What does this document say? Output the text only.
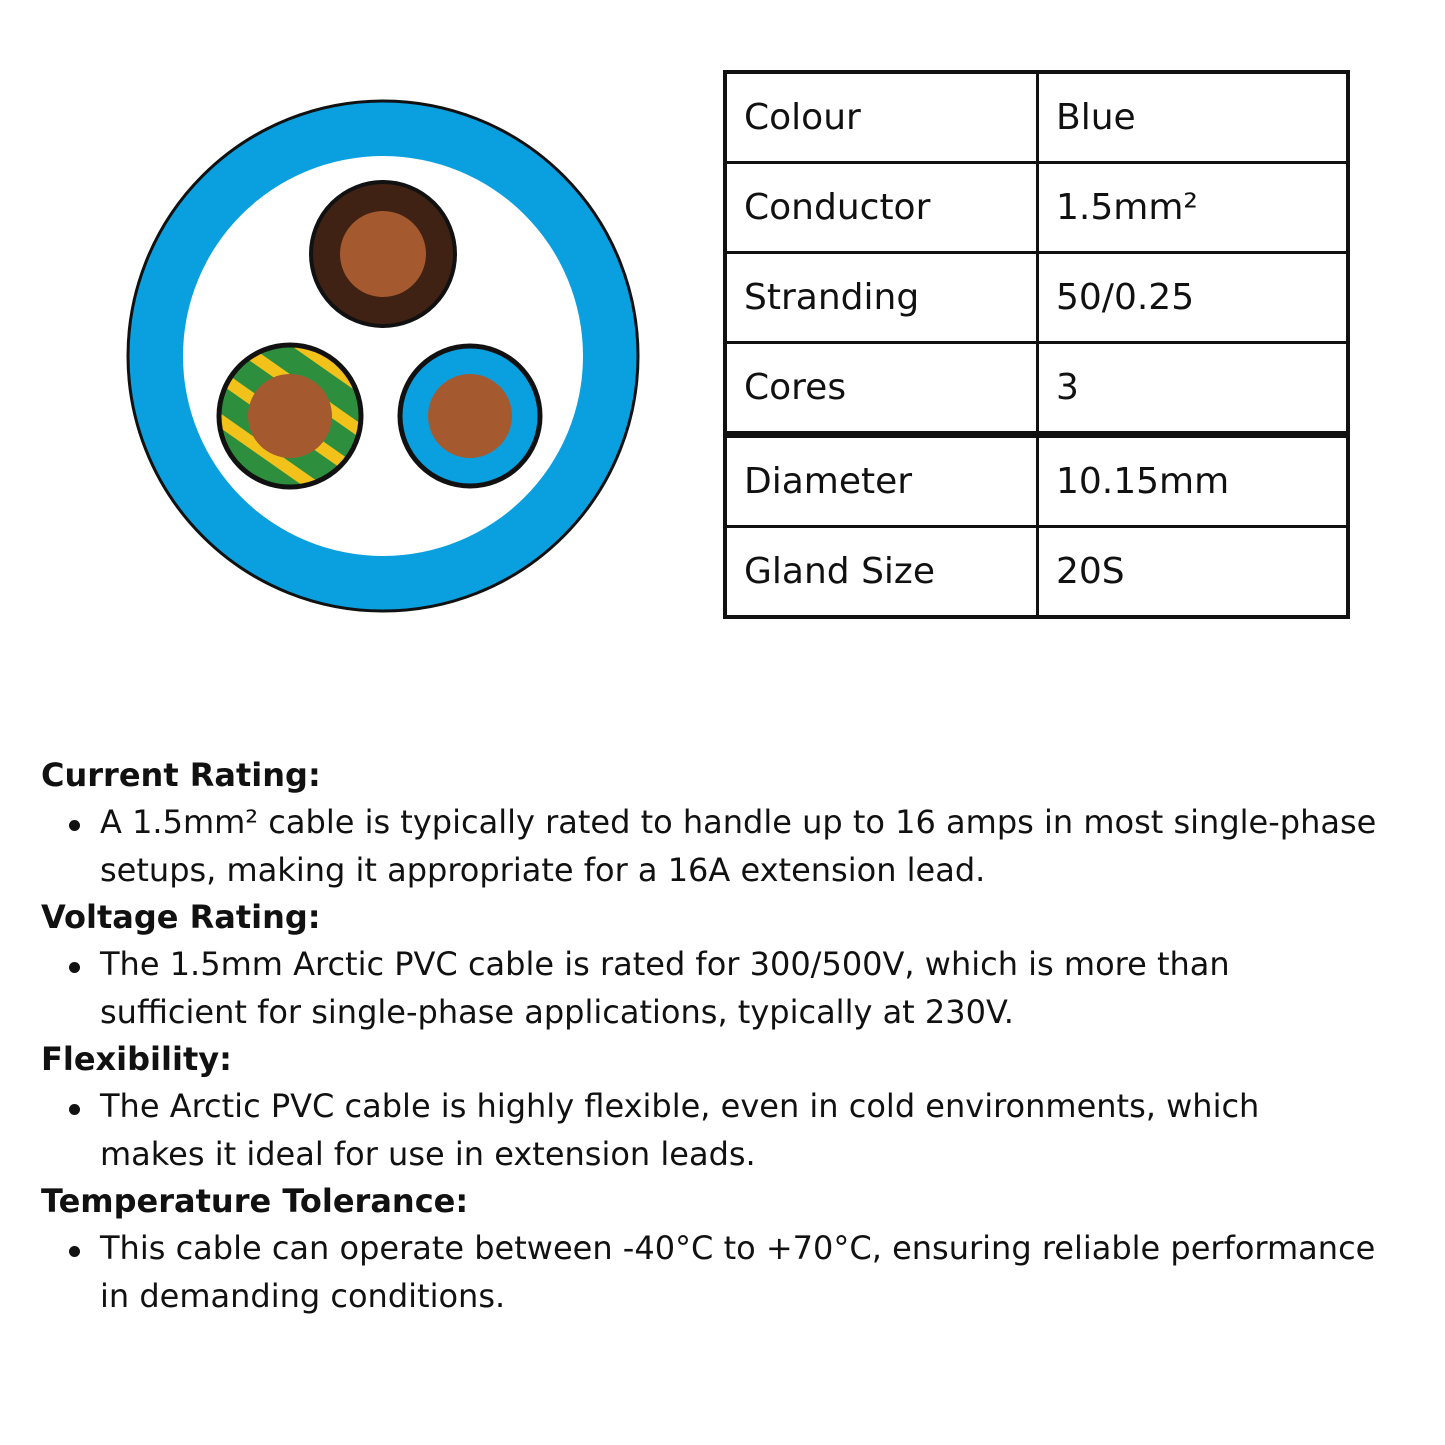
Colour	Blue
Conductor	1.5mm²
Stranding	50/0.25
Cores	3
Diameter	10.15mm
Gland Size	20S

Current Rating:

A 1.5mm² cable is typically rated to handle up to 16 amps in most single-phase
setups, making it appropriate for a 16A extension lead.

Voltage Rating:

The 1.5mm Arctic PVC cable is rated for 300/500V, which is more than
sufficient for single-phase applications, typically at 230V.

Flexibility:

The Arctic PVC cable is highly flexible, even in cold environments, which
makes it ideal for use in extension leads.

Temperature Tolerance:

This cable can operate between -40°C to +70°C, ensuring reliable performance
in demanding conditions.
